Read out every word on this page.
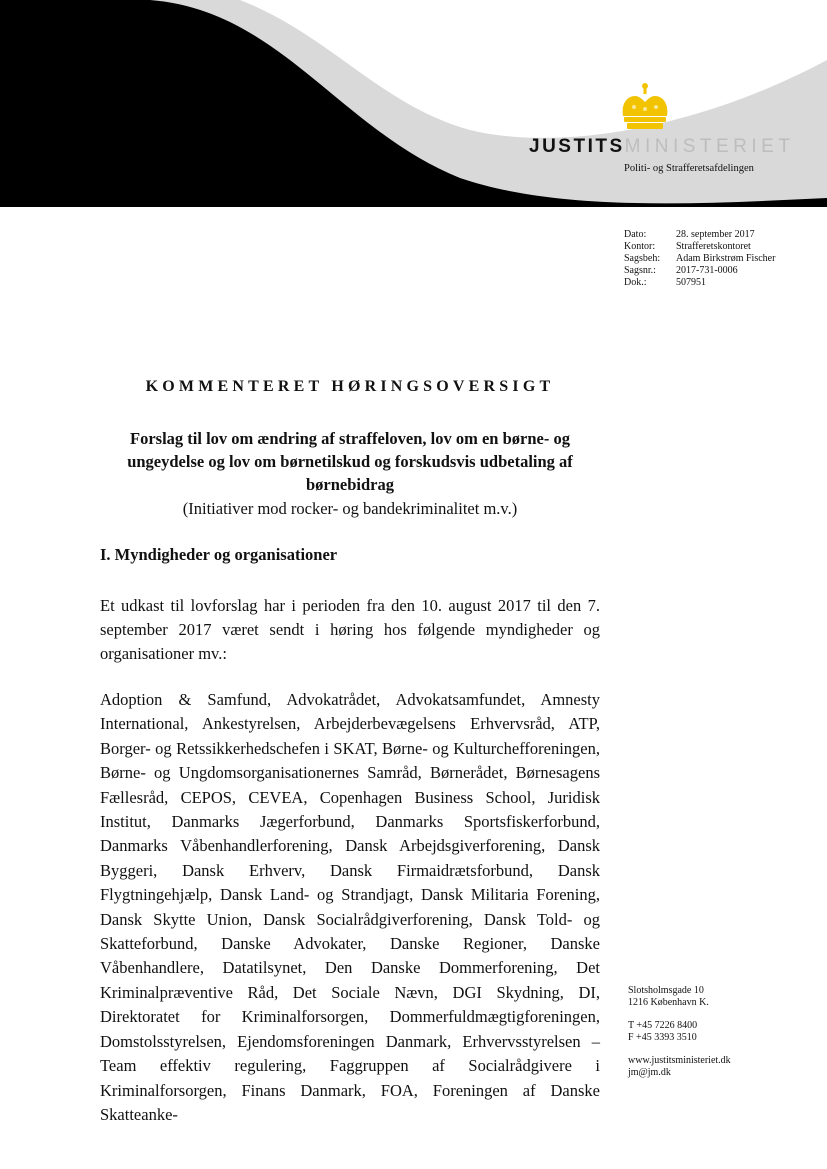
JUSTITSMINISTERIET
Politi- og Strafferetsafdelingen
Dato:	28. september 2017
Kontor:	Strafferetskontoret
Sagsbeh:	Adam Birkstrøm Fischer
Sagsnr.:	2017-731-0006
Dok.:	507951
KOMMENTERET HØRINGSOVERSIGT
Forslag til lov om ændring af straffeloven, lov om en børne- og ungeydelse og lov om børnetilskud og forskudsvis udbetaling af børnebidrag
(Initiativer mod rocker- og bandekriminalitet m.v.)
I. Myndigheder og organisationer
Et udkast til lovforslag har i perioden fra den 10. august 2017 til den 7. september 2017 været sendt i høring hos følgende myndigheder og organisationer mv.:
Adoption & Samfund, Advokatrådet, Advokatsamfundet, Amnesty International, Ankestyrelsen, Arbejderbevægelsens Erhvervsråd, ATP, Borger- og Retssikkerhedschefen i SKAT, Børne- og Kulturchefforeningen, Børne- og Ungdomsorganisationernes Samråd, Børnerådet, Børnesagens Fællesråd, CEPOS, CEVEA, Copenhagen Business School, Juridisk Institut, Danmarks Jægerforbund, Danmarks Sportsfiskerforbund, Danmarks Våbenhandlerforening, Dansk Arbejdsgiverforening, Dansk Byggeri, Dansk Erhverv, Dansk Firmaidrætsforbund, Dansk Flygtningehjælp, Dansk Land- og Strandjagt, Dansk Militaria Forening, Dansk Skytte Union, Dansk Socialrådgiverforening, Dansk Told- og Skatteforbund, Danske Advokater, Danske Regioner, Danske Våbenhandlere, Datatilsynet, Den Danske Dommerforening, Det Kriminalpræventive Råd, Det Sociale Nævn, DGI Skydning, DI, Direktoratet for Kriminalforsorgen, Dommerfuldmægtigforeningen, Domstolsstyrelsen, Ejendomsforeningen Danmark, Erhvervsstyrelsen – Team effektiv regulering, Faggruppen af Socialrådgivere i Kriminalforsorgen, Finans Danmark, FOA, Foreningen af Danske Skatteanke-
Slotsholmsgade 10
1216 København K.
T +45 7226 8400
F +45 3393 3510
www.justitsministeriet.dk
jm@jm.dk
